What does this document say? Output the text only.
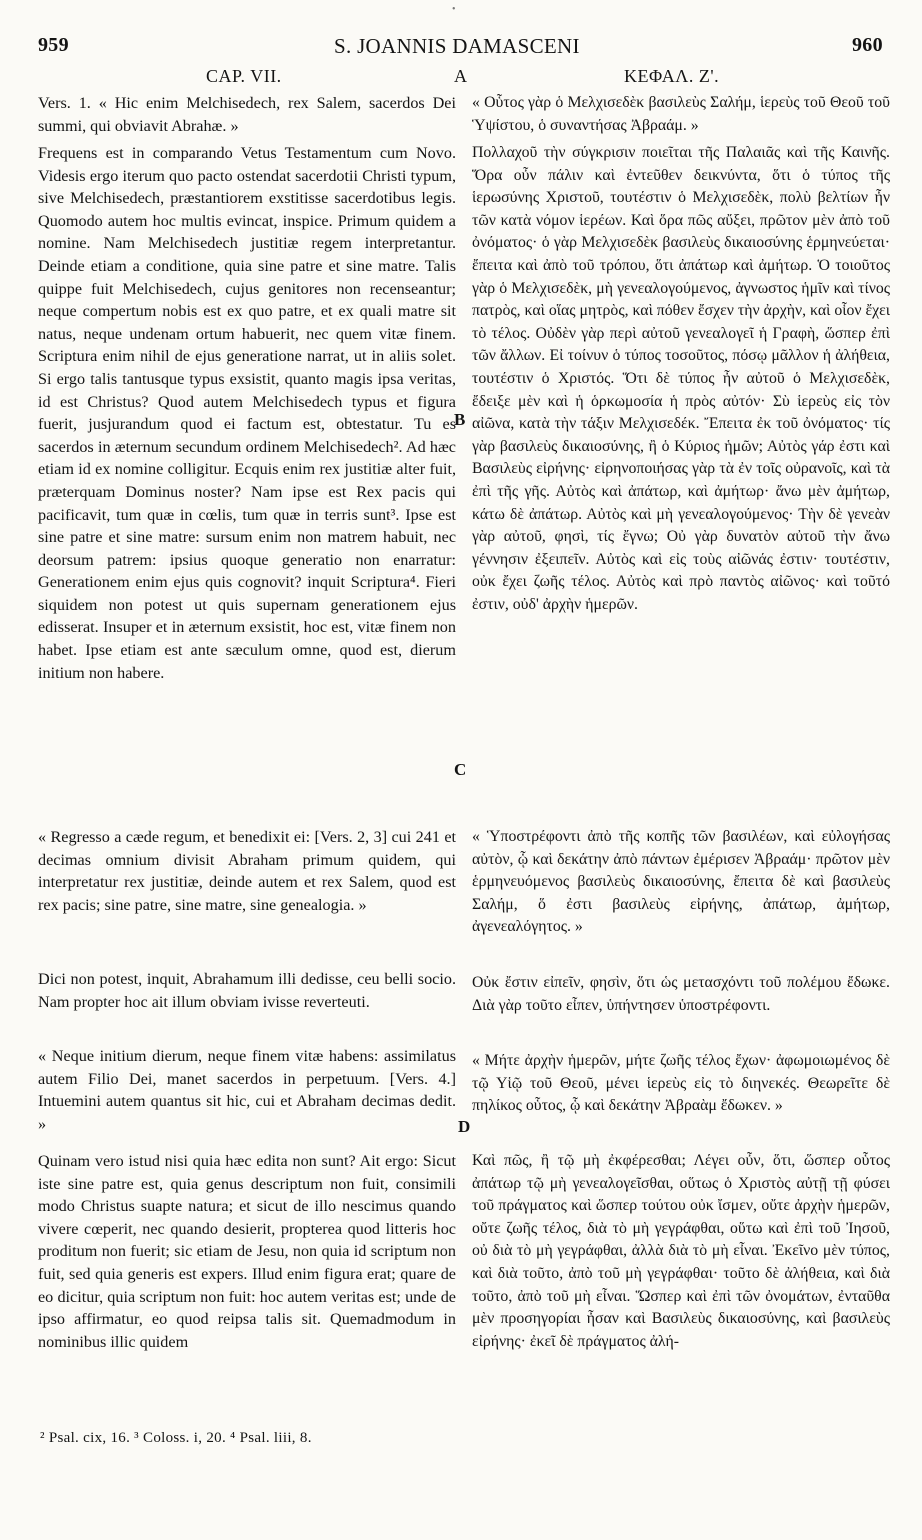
•
959	S. JOANNIS DAMASCENI	960
CAP. VII.	A	ΚΕΦΑΛ. Ζ'.

Vers. 1. « Hic enim Melchisedech, rex Salem, sacerdos Dei summi, qui obviavit Abrahæ. »

Frequens est in comparando Vetus Testamentum cum Novo. Videsis ergo iterum quo pacto ostendat sacerdotii Christi typum, sive Melchisedech, præstantiorem exstitisse sacerdotibus legis. Quomodo autem hoc multis evincat, inspice. Primum quidem a nomine. Nam Melchisedech justitiæ regem interpretantur. Deinde etiam a conditione, quia sine patre et sine matre. Talis quippe fuit Melchisedech, cujus genitores non recenseantur; neque compertum nobis est ex quo patre, et ex quali matre sit natus, neque undenam ortum habuerit, nec quem vitæ finem. Scriptura enim nihil de ejus generatione narrat, ut in aliis solet. Si ergo talis tantusque typus exsistit, quanto magis ipsa veritas, id est Christus? Quod autem Melchisedech typus et figura fuerit, jusjurandum quod ei factum est, obtestatur. Tu es sacerdos in æternum secundum ordinem Melchisedech². Ad hæc etiam id ex nomine colligitur. Ecquis enim rex justitiæ alter fuit, præterquam Dominus noster? Nam ipse est Rex pacis qui pacificavit, tum quæ in cœlis, tum quæ in terris sunt³. Ipse est sine patre et sine matre: sursum enim non matrem habuit, nec deorsum patrem: ipsius quoque generatio non enarratur: Generationem enim ejus quis cognovit? inquit Scriptura⁴. Fieri siquidem non potest ut quis supernam generationem ejus edisserat. Insuper et in æternum exsistit, hoc est, vitæ finem non habet. Ipse etiam est ante sæculum omne, quod est, dierum initium non habere.

« Regresso a cæde regum, et benedixit ei: [Vers. 2, 3] cui 241 et decimas omnium divisit Abraham primum quidem, qui interpretatur rex justitiæ, deinde autem et rex Salem, quod est rex pacis; sine patre, sine matre, sine genealogia. »

Dici non potest, inquit, Abrahamum illi dedisse, ceu belli socio. Nam propter hoc ait illum obviam ivisse reverteuti.

« Neque initium dierum, neque finem vitæ habens: assimilatus autem Filio Dei, manet sacerdos in perpetuum. [Vers. 4.] Intuemini autem quantus sit hic, cui et Abraham decimas dedit. »

Quinam vero istud nisi quia hæc edita non sunt? Ait ergo: Sicut iste sine patre est, quia genus descriptum non fuit, consimili modo Christus suapte natura; et sicut de illo nescimus quando vivere cœperit, nec quando desierit, propterea quod litteris hoc proditum non fuerit; sic etiam de Jesu, non quia id scriptum non fuit, sed quia generis est expers. Illud enim figura erat; quare de eo dicitur, quia scriptum non fuit: hoc autem veritas est; unde de ipso affirmatur, eo quod reipsa talis sit. Quemadmodum in nominibus illic quidem

B
C
D

« Οὗτος γὰρ ὁ Μελχισεδὲκ βασιλεὺς Σαλήμ, ἱερεὺς τοῦ Θεοῦ τοῦ Ὑψίστου, ὁ συναντήσας Ἀβραάμ. »

Πολλαχοῦ τὴν σύγκρισιν ποιεῖται τῆς Παλαιᾶς καὶ τῆς Καινῆς. Ὅρα οὖν πάλιν καὶ ἐντεῦθεν δεικνύντα, ὅτι ὁ τύπος τῆς ἱερωσύνης Χριστοῦ, τουτέστιν ὁ Μελχισεδὲκ, πολὺ βελτίων ἦν τῶν κατὰ νόμον ἱερέων. Καὶ ὅρα πῶς αὔξει, πρῶτον μὲν ἀπὸ τοῦ ὀνόματος· ὁ γὰρ Μελχισεδὲκ βασιλεὺς δικαιοσύνης ἑρμηνεύεται· ἔπειτα καὶ ἀπὸ τοῦ τρόπου, ὅτι ἀπάτωρ καὶ ἀμήτωρ. Ὁ τοιοῦτος γὰρ ὁ Μελχισεδὲκ, μὴ γενεαλογούμενος, ἀγνωστος ἡμῖν καὶ τίνος πατρὸς, καὶ οἵας μητρὸς, καὶ πόθεν ἔσχεν τὴν ἀρχὴν, καὶ οἷον ἔχει τὸ τέλος. Οὐδὲν γὰρ περὶ αὐτοῦ γενεαλογεῖ ἡ Γραφὴ, ὥσπερ ἐπὶ τῶν ἄλλων. Εἰ τοίνυν ὁ τύπος τοσοῦτος, πόσῳ μᾶλλον ἡ ἀλήθεια, τουτέστιν ὁ Χριστός. Ὅτι δὲ τύπος ἦν αὐτοῦ ὁ Μελχισεδὲκ, ἔδειξε μὲν καὶ ἡ ὁρκωμοσία ἡ πρὸς αὐτόν· Σὺ ἱερεὺς εἰς τὸν αἰῶνα, κατὰ τὴν τάξιν Μελχισεδέκ. Ἔπειτα ἐκ τοῦ ὀνόματος· τίς γὰρ βασιλεὺς δικαιοσύνης, ἢ ὁ Κύριος ἡμῶν; Αὐτὸς γάρ ἐστι καὶ Βασιλεὺς εἰρήνης· εἰρηνοποιήσας γὰρ τὰ ἐν τοῖς οὐρανοῖς, καὶ τὰ ἐπὶ τῆς γῆς. Αὐτὸς καὶ ἀπάτωρ, καὶ ἀμήτωρ· ἄνω μὲν ἀμήτωρ, κάτω δὲ ἀπάτωρ. Αὐτὸς καὶ μὴ γενεαλογούμενος· Τὴν δὲ γενεὰν γὰρ αὐτοῦ, φησὶ, τίς ἔγνω; Οὐ γὰρ δυνατὸν αὐτοῦ τὴν ἄνω γέννησιν ἐξειπεῖν. Αὐτὸς καὶ εἰς τοὺς αἰῶνάς ἐστιν· τουτέστιν, οὐκ ἔχει ζωῆς τέλος. Αὐτὸς καὶ πρὸ παντὸς αἰῶνος· καὶ τοῦτό ἐστιν, οὐδ' ἀρχὴν ἡμερῶν.

« Ὑποστρέφοντι ἀπὸ τῆς κοπῆς τῶν βασιλέων, καὶ εὐλογήσας αὐτὸν, ᾧ καὶ δεκάτην ἀπὸ πάντων ἐμέρισεν Ἀβραάμ· πρῶτον μὲν ἑρμηνευόμενος βασιλεὺς δικαιοσύνης, ἔπειτα δὲ καὶ βασιλεὺς Σαλήμ, ὅ ἐστι βασιλεὺς εἰρήνης, ἀπάτωρ, ἀμήτωρ, ἀγενεαλόγητος. »

Οὐκ ἔστιν εἰπεῖν, φησὶν, ὅτι ὡς μετασχόντι τοῦ πολέμου ἔδωκε. Διὰ γὰρ τοῦτο εἶπεν, ὑπήντησεν ὑποστρέφοντι.

« Μήτε ἀρχὴν ἡμερῶν, μήτε ζωῆς τέλος ἔχων· ἀφωμοιωμένος δὲ τῷ Υἱῷ τοῦ Θεοῦ, μένει ἱερεὺς εἰς τὸ διηνεκές. Θεωρεῖτε δὲ πηλίκος οὗτος, ᾧ καὶ δεκάτην Ἀβραὰμ ἔδωκεν. »

Καὶ πῶς, ἢ τῷ μὴ ἐκφέρεσθαι; Λέγει οὖν, ὅτι, ὥσπερ οὗτος ἀπάτωρ τῷ μὴ γενεαλογεῖσθαι, οὕτως ὁ Χριστὸς αὐτῇ τῇ φύσει τοῦ πράγματος καὶ ὥσπερ τούτου οὐκ ἴσμεν, οὔτε ἀρχὴν ἡμερῶν, οὔτε ζωῆς τέλος, διὰ τὸ μὴ γεγράφθαι, οὕτω καὶ ἐπὶ τοῦ Ἰησοῦ, οὐ διὰ τὸ μὴ γεγράφθαι, ἀλλὰ διὰ τὸ μὴ εἶναι. Ἐκεῖνο μὲν τύπος, καὶ διὰ τοῦτο, ἀπὸ τοῦ μὴ γεγράφθαι· τοῦτο δὲ ἀλήθεια, καὶ διὰ τοῦτο, ἀπὸ τοῦ μὴ εἶναι. Ὥσπερ καὶ ἐπὶ τῶν ὀνομάτων, ἐνταῦθα μὲν προσηγορίαι ἦσαν καὶ Βασιλεὺς δικαιοσύνης, καὶ βασιλεὺς εἰρήνης· ἐκεῖ δὲ πράγματος ἀλή-

² Psal. cix, 16. ³ Coloss. i, 20. ⁴ Psal. liii, 8.
